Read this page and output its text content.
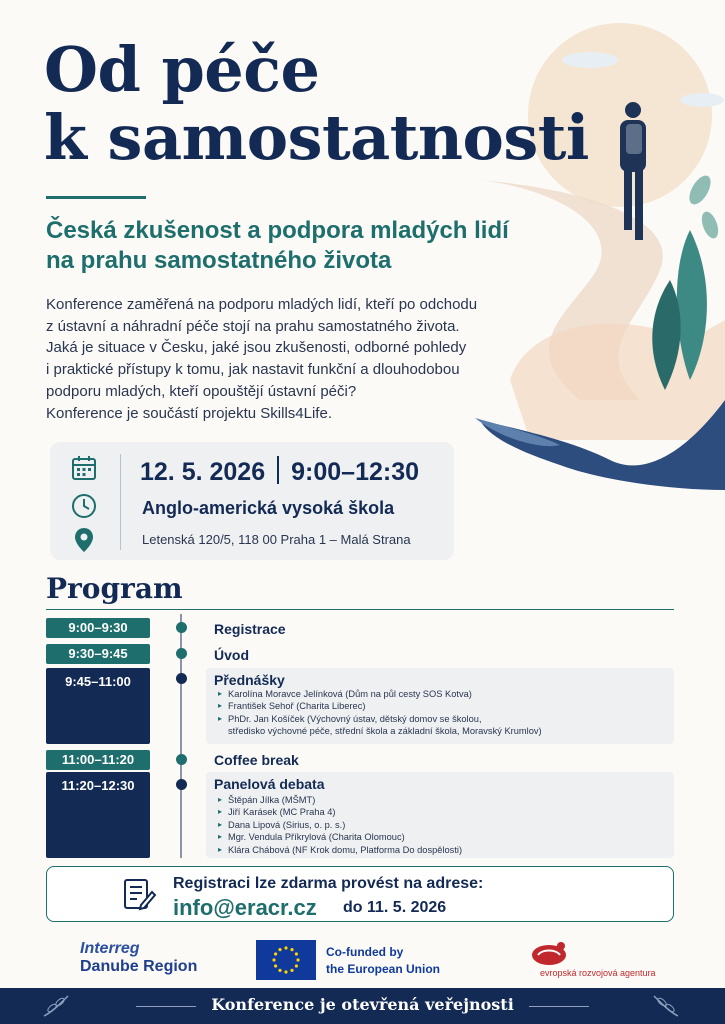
Od péče
k samostatnosti
Česká zkušenost a podpora mladých lidí
na prahu samostatného života

Konference zaměřená na podporu mladých lidí, kteří po odchodu

z ústavní a náhradní péče stojí na prahu samostatného života.

Jaká je situace v Česku, jaké jsou zkušenosti, odborné pohledy

i praktické přístupy k tomu, jak nastavit funkční a dlouhodobou

podporu mladých, kteří opouštějí ústavní péči?

Konference je součástí projektu Skills4Life.

12. 5. 2026 9:00–12:30
Anglo-americká vysoká škola
Letenská 120/5, 118 00 Praha 1 – Malá Strana
Program
9:00–9:30	Registrace
9:30–9:45	Úvod
9:45–11:00	Přednášky
▸ Karolína Moravce Jelínková (Dům na půl cesty SOS Kotva)
▸ František Sehoř (Charita Liberec)
▸ PhDr. Jan Košíček (Výchovný ústav, dětský domov se školou,
středisko výchovné péče, střední škola a základní škola, Moravský Krumlov)
11:00–11:20	Coffee break
11:20–12:30	Panelová debata
▸ Štěpán Jílka (MŠMT)
▸ Jiří Karásek (MC Praha 4)
▸ Dana Lipová (Sirius, o. p. s.)
▸ Mgr. Vendula Příkrylová (Charita Olomouc)
▸ Klára Chábová (NF Krok domu, Platforma Do dospělosti)
Registraci lze zdarma provést na adrese:
info@eracr.cz do 11. 5. 2026
Interreg
Danube Region
Co-funded by
the European Union	evropská rozvojová agentura
Konference je otevřená veřejnosti
